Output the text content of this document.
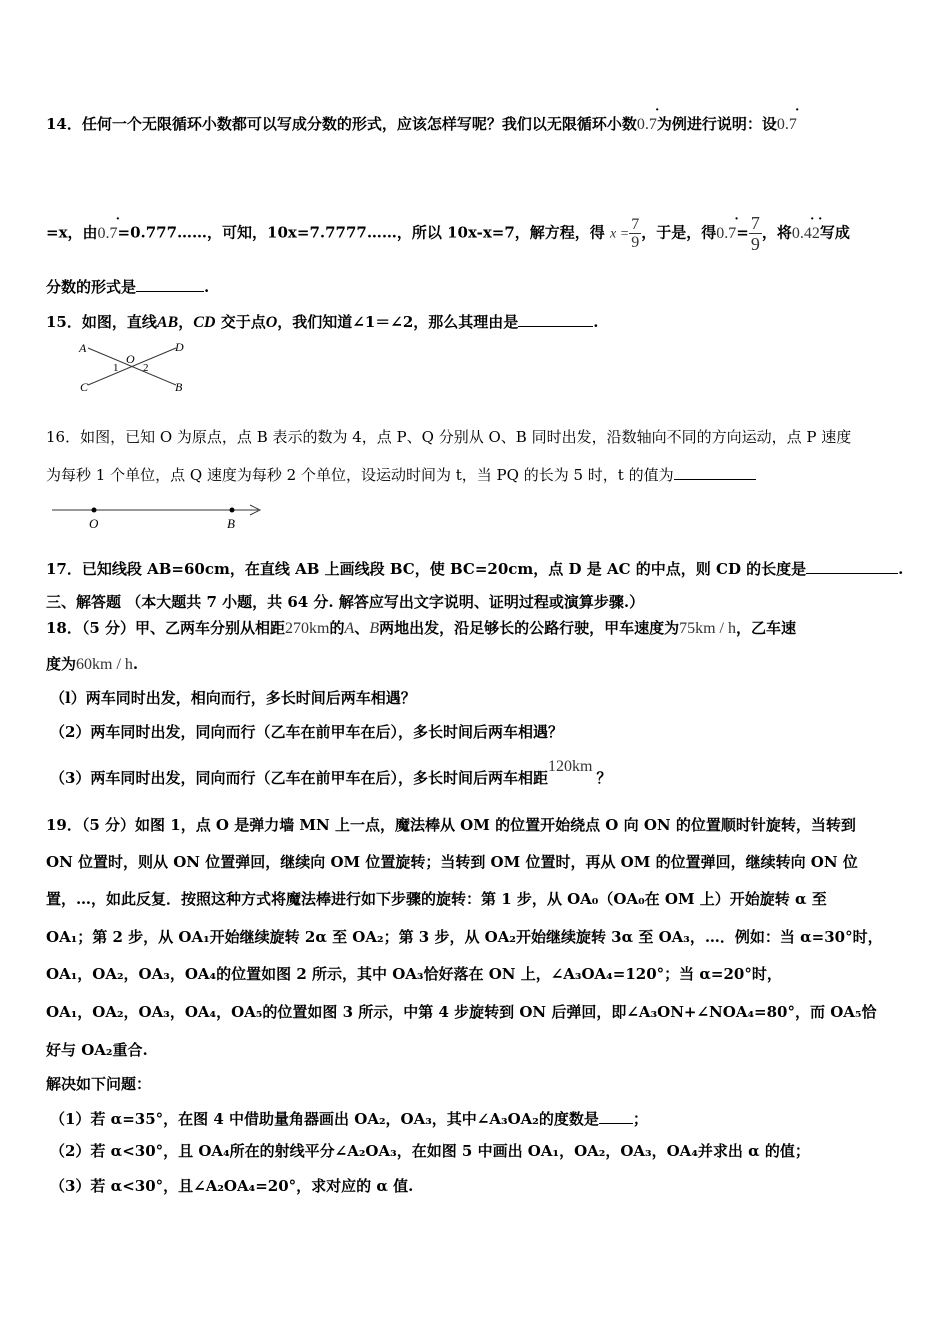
14．任何一个无限循环小数都可以写成分数的形式，应该怎样写呢？我们以无限循环小数0.7
·
为例进行说明：设0.7
·
=x，由0.7
·
=0.777……，可知，10x=7.7777……，所以 10x-x=7，解方程，得 $x = \frac{7}{9}$ ，于是，得0.7
·
= $\frac{7}{9}$ ，将0.42
· ·
写成
分数的形式是	.
15．如图，直线AB，CD 交于点O，我们知道∠1＝∠2，那么其理由是	.
A	D
O
1 2
C	B
16．如图，已知 O 为原点，点 B 表示的数为 4，点 P、Q 分别从 O、B 同时出发，沿数轴向不同的方向运动，点 P 速度
为每秒 1 个单位，点 Q 速度为每秒 2 个单位，设运动时间为 t，当 PQ 的长为 5 时，t 的值为
O	B
17．已知线段 AB=60cm，在直线 AB 上画线段 BC，使 BC=20cm，点 D 是 AC 的中点，则 CD 的长度是	.
三、解答题 （本大题共 7 小题，共 64 分. 解答应写出文字说明、证明过程或演算步骤.）
18．（5 分）甲、乙两车分别从相距270km的A、B两地出发，沿足够长的公路行驶，甲车速度为75km / h，乙车速
度为60km / h.
（l）两车同时出发，相向而行，多长时间后两车相遇？
（2）两车同时出发，同向而行（乙车在前甲车在后），多长时间后两车相遇？
（3）两车同时出发，同向而行（乙车在前甲车在后），多长时间后两车相距120km？
19．（5 分）如图 1，点 O 是弹力墙 MN 上一点，魔法棒从 OM 的位置开始绕点 O 向 ON 的位置顺时针旋转，当转到
ON 位置时，则从 ON 位置弹回，继续向 OM 位置旋转；当转到 OM 位置时，再从 OM 的位置弹回，继续转向 ON 位
置，…，如此反复．按照这种方式将魔法棒进行如下步骤的旋转：第 1 步，从 OA₀（OA₀在 OM 上）开始旋转 α 至
OA₁；第 2 步，从 OA₁开始继续旋转 2α 至 OA₂；第 3 步，从 OA₂开始继续旋转 3α 至 OA₃，…．例如：当 α=30°时，
OA₁，OA₂，OA₃，OA₄的位置如图 2 所示，其中 OA₃恰好落在 ON 上，∠A₃OA₄=120°；当 α=20°时，
OA₁，OA₂，OA₃，OA₄，OA₅的位置如图 3 所示，中第 4 步旋转到 ON 后弹回，即∠A₃ON+∠NOA₄=80°，而 OA₅恰
好与 OA₂重合.
解决如下问题：
（1）若 α=35°，在图 4 中借助量角器画出 OA₂，OA₃，其中∠A₃OA₂的度数是 ；
（2）若 α<30°，且 OA₄所在的射线平分∠A₂OA₃，在如图 5 中画出 OA₁，OA₂，OA₃，OA₄并求出 α 的值；
（3）若 α<30°，且∠A₂OA₄=20°，求对应的 α 值.
